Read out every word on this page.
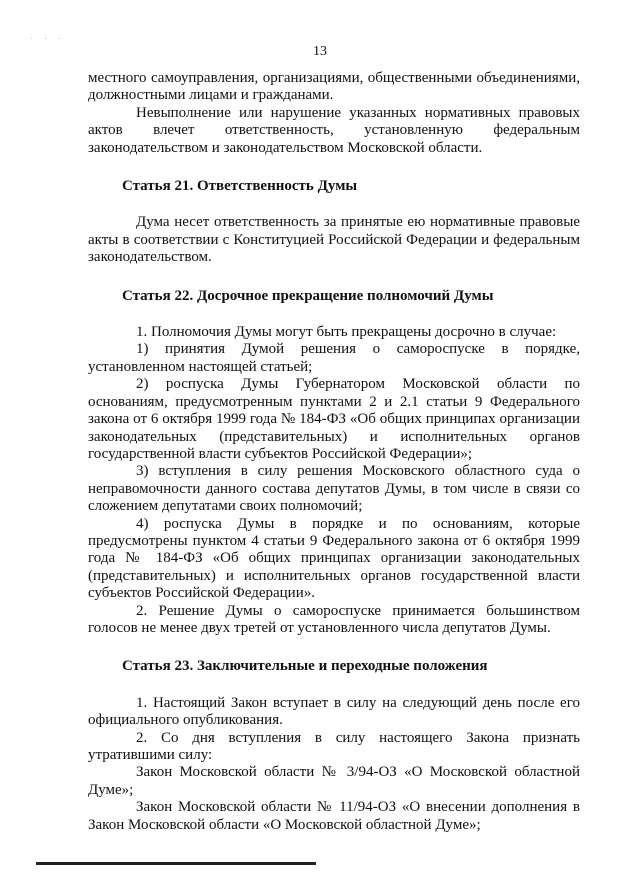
· · ·
13

местного самоуправления, организациями, общественными объединениями, должностными лицами и гражданами.

Невыполнение или нарушение указанных нормативных правовых актов влечет ответственность, установленную федеральным законодательством и законодательством Московской области.

Статья 21. Ответственность Думы

Дума несет ответственность за принятые ею нормативные правовые акты в соответствии с Конституцией Российской Федерации и федеральным законодательством.

Статья 22. Досрочное прекращение полномочий Думы

1. Полномочия Думы могут быть прекращены досрочно в случае:

1) принятия Думой решения о самороспуске в порядке, установленном настоящей статьей;

2) роспуска Думы Губернатором Московской области по основаниям, предусмотренным пунктами 2 и 2.1 статьи 9 Федерального закона от 6 октября 1999 года № 184-ФЗ «Об общих принципах организации законодательных (представительных) и исполнительных органов государственной власти субъектов Российской Федерации»;

3) вступления в силу решения Московского областного суда о неправомочности данного состава депутатов Думы, в том числе в связи со сложением депутатами своих полномочий;

4) роспуска Думы в порядке и по основаниям, которые предусмотрены пунктом 4 статьи 9 Федерального закона от 6 октября 1999 года № 184-ФЗ «Об общих принципах организации законодательных (представительных) и исполнительных органов государственной власти субъектов Российской Федерации».

2. Решение Думы о самороспуске принимается большинством голосов не менее двух третей от установленного числа депутатов Думы.

Статья 23. Заключительные и переходные положения

1. Настоящий Закон вступает в силу на следующий день после его официального опубликования.

2. Со дня вступления в силу настоящего Закона признать утратившими силу:

Закон Московской области № 3/94-ОЗ «О Московской областной Думе»;

Закон Московской области № 11/94-ОЗ «О внесении дополнения в Закон Московской области «О Московской областной Думе»;
